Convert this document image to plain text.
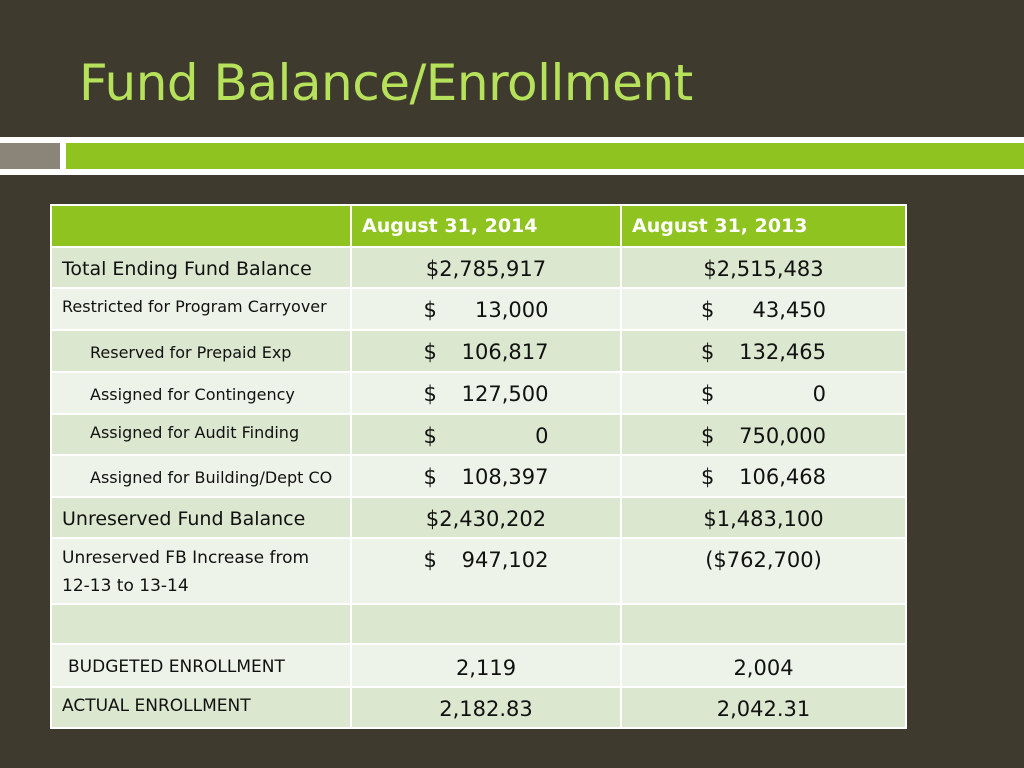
Fund Balance/Enrollment
	August 31, 2014	August 31, 2013
Total Ending Fund Balance	$2,785,917	$2,515,483
Restricted for Program Carryover	$ 13,000	$ 43,450

Reserved for Prepaid Exp	$ 106,817	$ 132,465

Assigned for Contingency	$ 127,500	$ 0

Assigned for Audit Finding	$ 0	$ 750,000

Assigned for Building/Dept CO	$ 108,397	$ 106,468

Unreserved Fund Balance	$2,430,202	$1,483,100
Unreserved FB Increase from 12-13 to 13-14	$ 947,102	($762,700)

BUDGETED ENROLLMENT	2,119	2,004
ACTUAL ENROLLMENT	2,182.83	2,042.31
